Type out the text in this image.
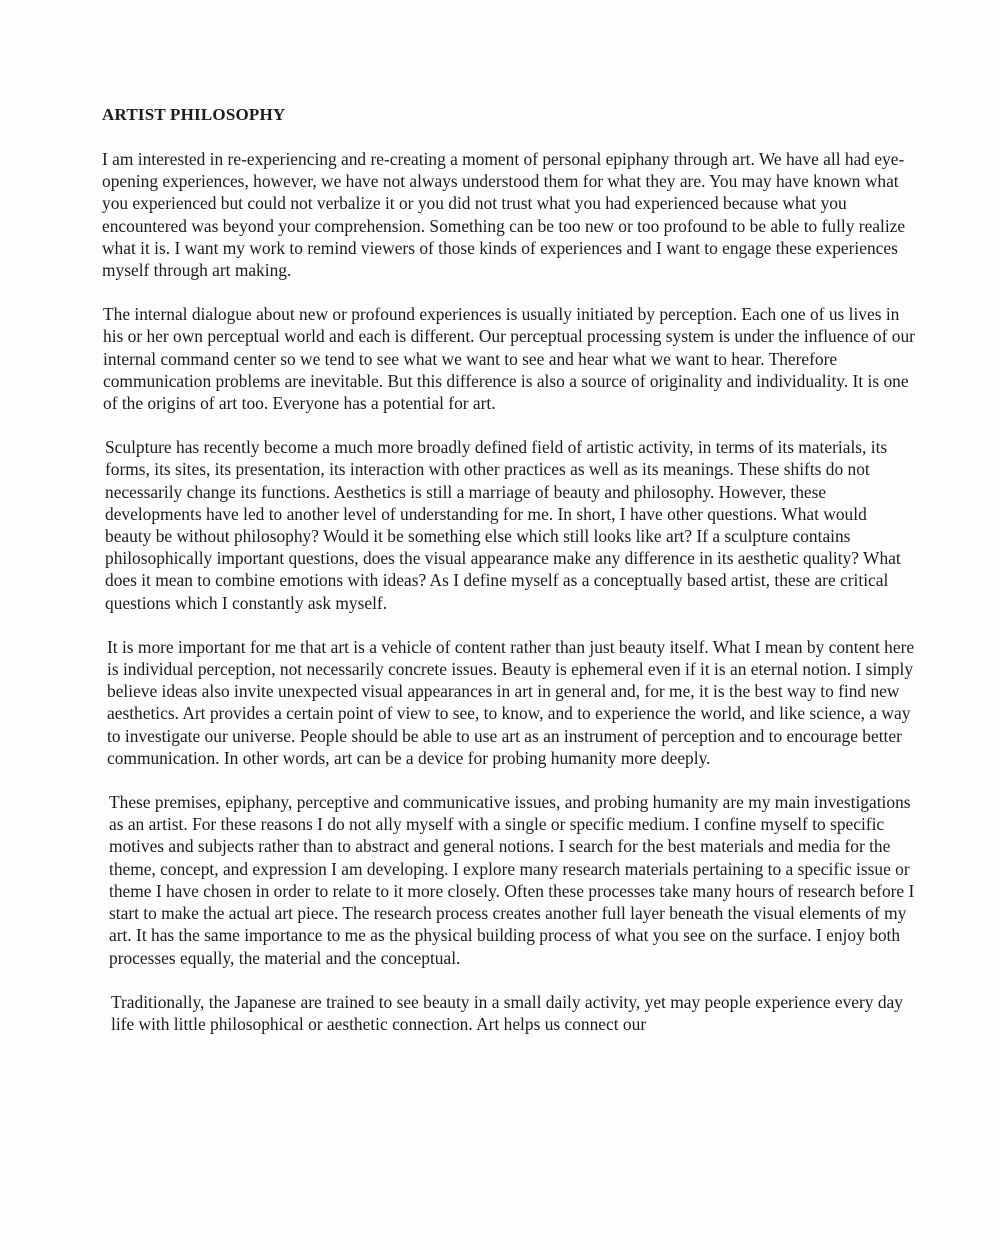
ARTIST PHILOSOPHY

I am interested in re-experiencing and re-creating a moment of personal epiphany through art. We have all had eye-opening experiences, however, we have not always understood them for what they are. You may have known what you experienced but could not verbalize it or you did not trust what you had experienced because what you encountered was beyond your comprehension. Something can be too new or too profound to be able to fully realize what it is. I want my work to remind viewers of those kinds of experiences and I want to engage these experiences myself through art making.

The internal dialogue about new or profound experiences is usually initiated by perception. Each one of us lives in his or her own perceptual world and each is different. Our perceptual processing system is under the influence of our internal command center so we tend to see what we want to see and hear what we want to hear. Therefore communication problems are inevitable. But this difference is also a source of originality and individuality. It is one of the origins of art too. Everyone has a potential for art.

Sculpture has recently become a much more broadly defined field of artistic activity, in terms of its materials, its forms, its sites, its presentation, its interaction with other practices as well as its meanings. These shifts do not necessarily change its functions. Aesthetics is still a marriage of beauty and philosophy. However, these developments have led to another level of understanding for me. In short, I have other questions. What would beauty be without philosophy? Would it be something else which still looks like art? If a sculpture contains philosophically important questions, does the visual appearance make any difference in its aesthetic quality? What does it mean to combine emotions with ideas? As I define myself as a conceptually based artist, these are critical questions which I constantly ask myself.

It is more important for me that art is a vehicle of content rather than just beauty itself. What I mean by content here is individual perception, not necessarily concrete issues. Beauty is ephemeral even if it is an eternal notion. I simply believe ideas also invite unexpected visual appearances in art in general and, for me, it is the best way to find new aesthetics. Art provides a certain point of view to see, to know, and to experience the world, and like science, a way to investigate our universe. People should be able to use art as an instrument of perception and to encourage better communication. In other words, art can be a device for probing humanity more deeply.

These premises, epiphany, perceptive and communicative issues, and probing humanity are my main investigations as an artist. For these reasons I do not ally myself with a single or specific medium. I confine myself to specific motives and subjects rather than to abstract and general notions. I search for the best materials and media for the theme, concept, and expression I am developing. I explore many research materials pertaining to a specific issue or theme I have chosen in order to relate to it more closely. Often these processes take many hours of research before I start to make the actual art piece. The research process creates another full layer beneath the visual elements of my art. It has the same importance to me as the physical building process of what you see on the surface. I enjoy both processes equally, the material and the conceptual.

Traditionally, the Japanese are trained to see beauty in a small daily activity, yet may people experience every day life with little philosophical or aesthetic connection. Art helps us connect our
